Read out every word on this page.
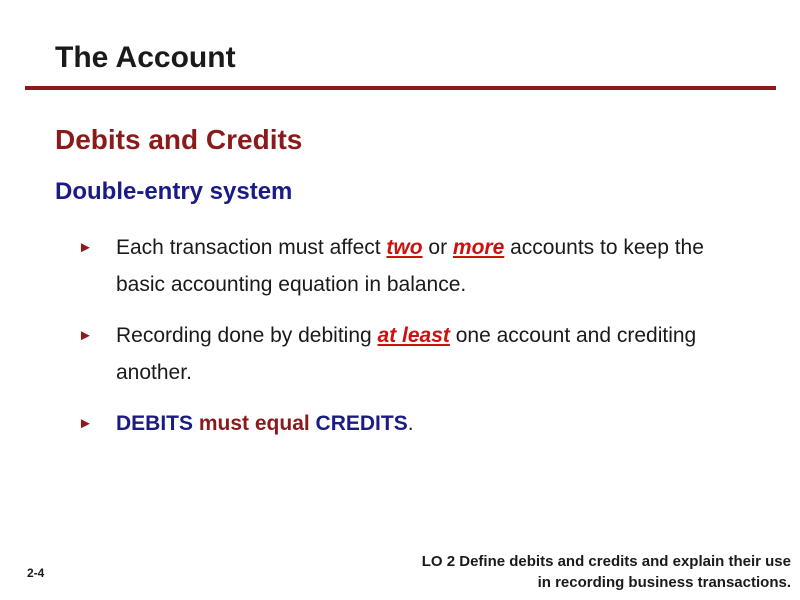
The Account
Debits and Credits
Double-entry system
► Each transaction must affect two or more accounts to keep the basic accounting equation in balance.
► Recording done by debiting at least one account and crediting another.
► DEBITS must equal CREDITS.
2-4
LO 2 Define debits and credits and explain their use
in recording business transactions.
